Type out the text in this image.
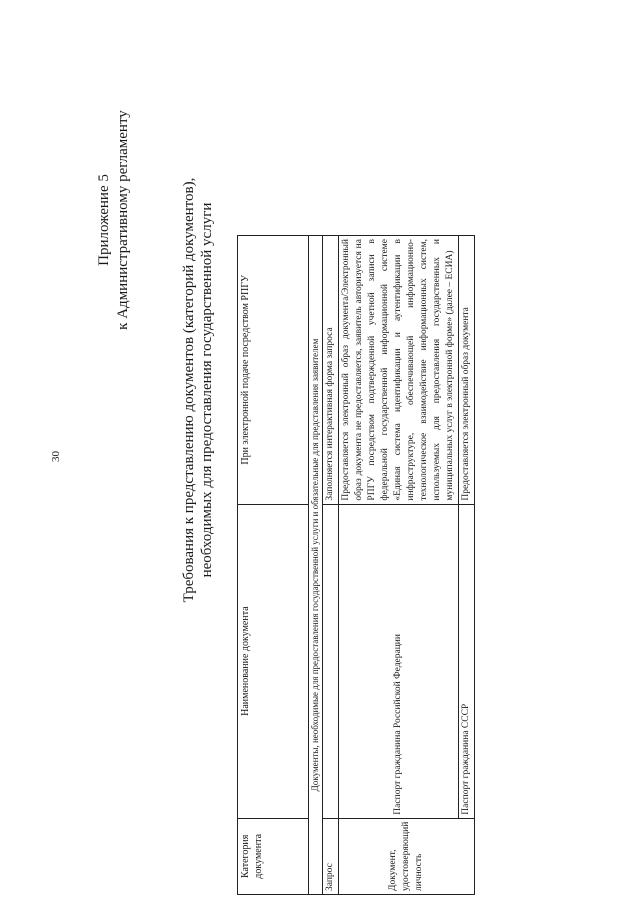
30
Приложение 5 к Административному регламенту	Требования к представлению документов (категорий документов), необходимых для предоставления государственной услуги
Категория документа	Наименование документа	При электронной подаче посредством РПГУ
Документы, необходимые для предоставления государственной услуги и обязательные для представления заявителем		
Запрос		Заполняется интерактивная форма запроса
Документ, удостоверяющий личность	Паспорт гражданина Российской Федерации	Предоставляется электронный образ документа/Электронный образ документа не предоставляется, заявитель авторизуется на РПГУ посредством подтвержденной учетной записи в федеральной государственной информационной системе «Единая система идентификации и аутентификации в инфраструктуре, обеспечивающей информационно-технологическое взаимодействие информационных систем, используемых для предоставления государственных и муниципальных услуг в электронной форме» (далее – ЕСИА)
	Паспорт гражданина СССР	Предоставляется электронный образ документа
